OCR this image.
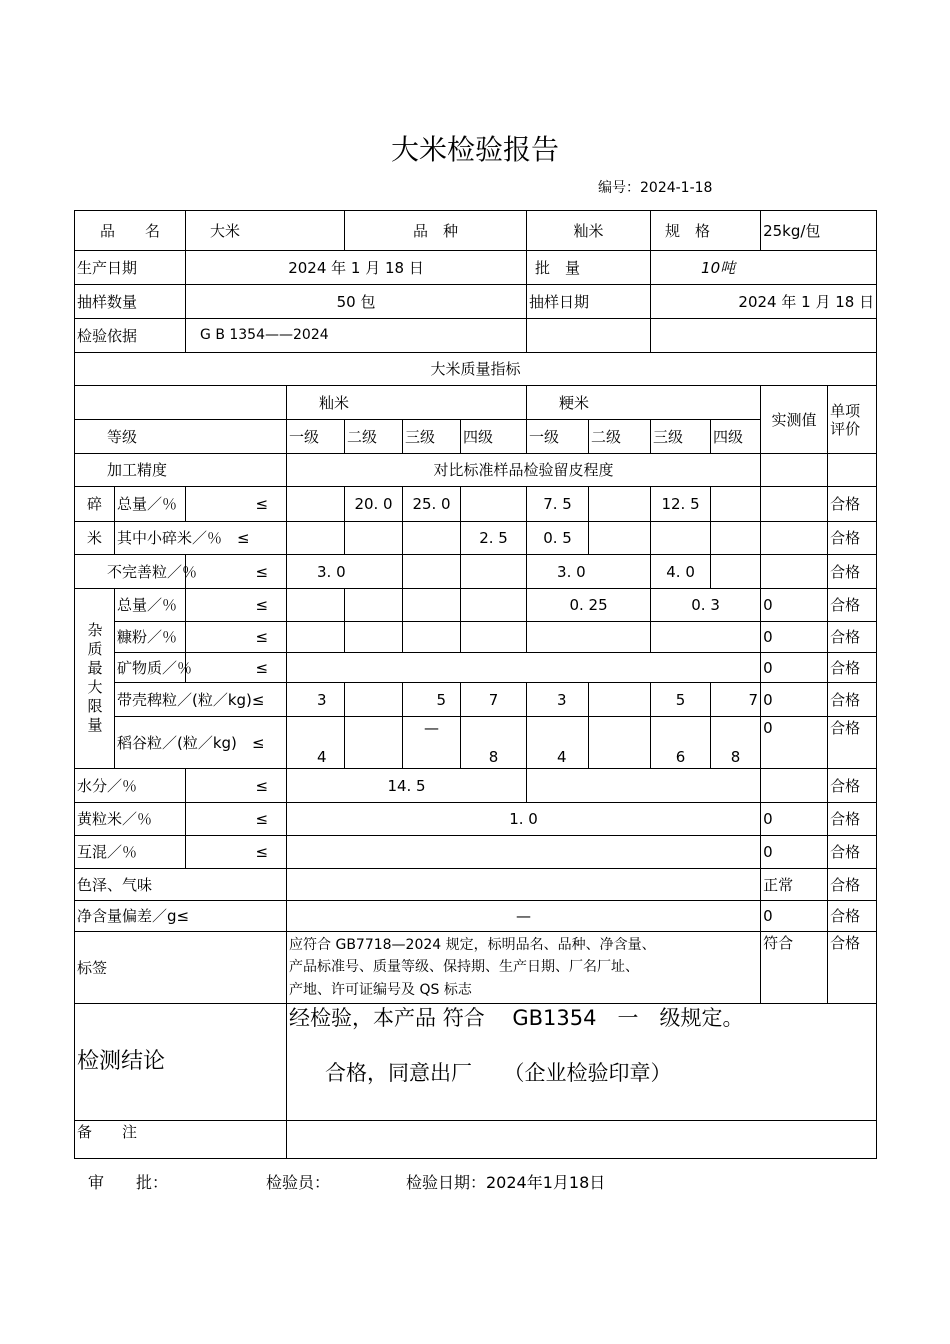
大米检验报告
编号：2024-1-18
品　　名		大米		品　种			籼米		规　格		25kg/包	
生产日期		2024 年 1 月 18 日					批　量		10吨			
抽样数量		50 包					抽样日期		2024 年 1 月 18 日			
检验依据		G B 1354——2024										
大米质量指标												
			籼米				粳米				实测值	单项评价
等级			一级	二级	三级	四级	一级	二级	三级	四级		
加工精度			对比标准样品检验留皮程度									
碎	总量／％	≤		20. 0	25. 0		7. 5		12. 5			合格
米	其中小碎米／％　 ≤					2. 5	0. 5					合格
不完善粒／％		≤	3. 0				3. 0		4. 0			合格
杂质最大限量	总量／％	≤					0. 25		0. 3		0	合格
	糠粉／％	≤									0	合格
	矿物质／％	≤									0	合格
	带壳稗粒／(粒／kg)≤		3		5	7	3		5	7	0	合格
	稻谷粒／(粒／kg)　 ≤		4		—	8	4		6	8	0	合格
水分／％		≤	14. 5									合格
黄粒米／％		≤	1. 0								0	合格
互混／％		≤									0	合格
色泽、气味											正常	合格
净含量偏差／g≤			—								0	合格
标签			应符合 GB7718—2024 规定，标明品名、品种、净含量、
产品标准号、质量等级、保持期、生产日期、厂名厂址、
产地、许可证编号及 QS 标志								符合	合格
检测结论			经检验，本产品 符合　 GB1354　一　级规定。
合格，同意出厂　　（企业检验印章）									

备　　注												
审　　批：	检验员：	检验日期：2024年1月18日
